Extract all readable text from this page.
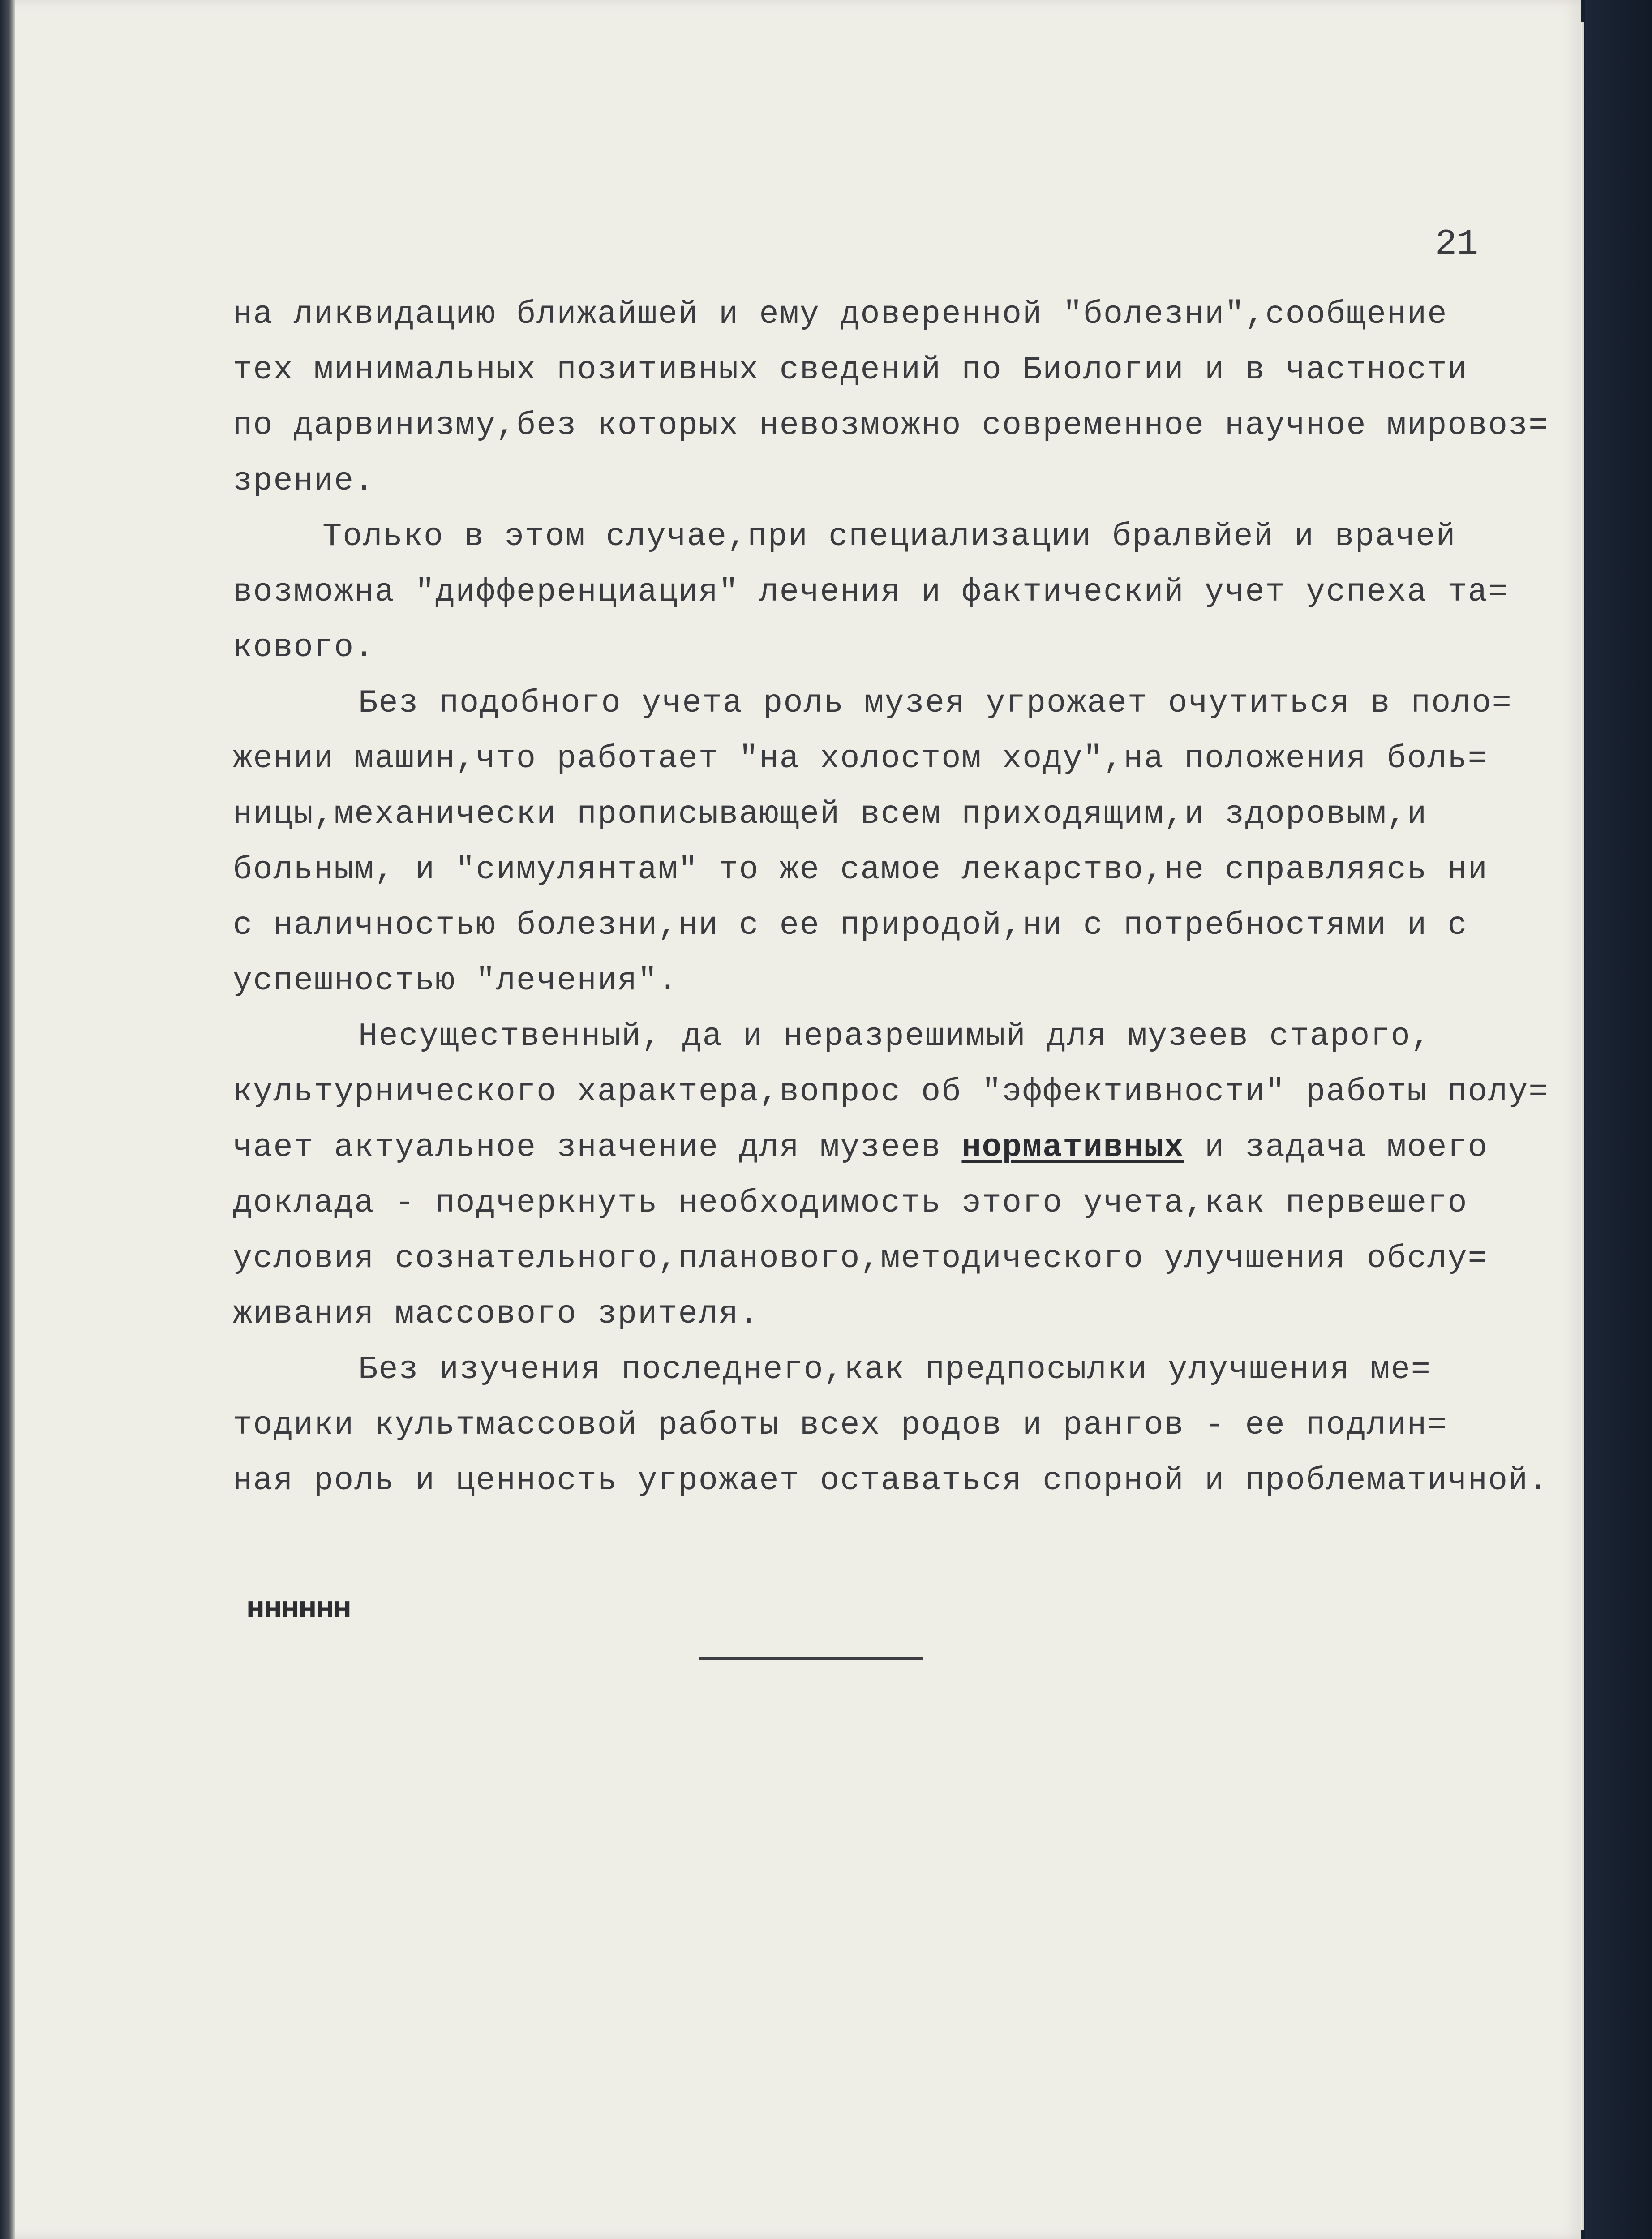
21
на ликвидацию ближайшей и ему доверенной "болезни",сообщение
тех минимальных позитивных сведений по Биологии и в частности
по дарвинизму,без которых невозможно современное научное мировоз=
зрение.
Только в этом случае,при специализации бралвйей и врачей
возможна "дифференциация" лечения и фактический учет успеха та=
кового.
Без подобного учета роль музея угрожает очутиться в поло=
жении машин,что работает "на холостом ходу",на положения боль=
ницы,механически прописывающей всем приходящим,и здоровым,и
больным, и "симулянтам" то же самое лекарство,не справляясь ни
с наличностью болезни,ни с ее природой,ни с потребностями и с
успешностью "лечения".
Несущественный, да и неразрешимый для музеев старого,
культурнического характера,вопрос об "эффективности" работы полу=
чает актуальное значение для музеев нормативных и задача моего
доклада - подчеркнуть необходимость этого учета,как первешего
условия сознательного,планового,методического улучшения обслу=
живания массового зрителя.
Без изучения последнего,как предпосылки улучшения ме=
тодики культмассовой работы всех родов и рангов - ее подлин=
ная роль и ценность угрожает оставаться спорной и проблематичной.
нннннн
